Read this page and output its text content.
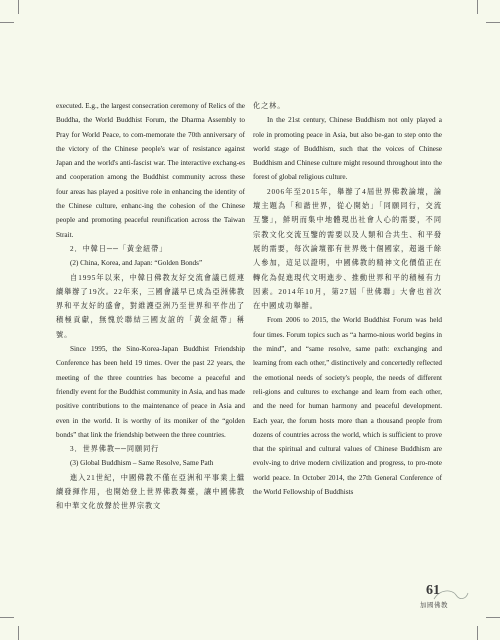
executed. E.g., the largest consecration ceremony of Relics of the Buddha, the World Buddhist Forum, the Dharma Assembly to Pray for World Peace, to com-memorate the 70th anniversary of the victory of the Chinese people's war of resistance against Japan and the world's anti-fascist war. The interactive exchang-es and cooperation among the Buddhist community across these four areas has played a positive role in enhancing the identity of the Chinese culture, enhanc-ing the cohesion of the Chinese people and promoting peaceful reunification across the Taiwan Strait.

2．中韓日──「黃金紐帶」

(2) China, Korea, and Japan: “Golden Bonds”

自1995年以來，中韓日佛教友好交流會議已經連續舉辦了19次。22年來，三國會議早已成為亞洲佛教界和平友好的盛會，對維護亞洲乃至世界和平作出了積極貢獻，無愧於聯結三國友誼的「黃金紐帶」稱號。

Since 1995, the Sino-Korea-Japan Buddhist Friendship Conference has been held 19 times. Over the past 22 years, the meeting of the three countries has become a peaceful and friendly event for the Buddhist community in Asia, and has made positive contributions to the maintenance of peace in Asia and even in the world. It is worthy of its moniker of the “golden bonds” that link the friendship between the three countries.

3．世界佛教──同願同行

(3) Global Buddhism – Same Resolve, Same Path

進入21世紀，中國佛教不僅在亞洲和平事業上繼續發揮作用，也開始登上世界佛教舞臺，讓中國佛教和中華文化放聲於世界宗教文

化之林。

In the 21st century, Chinese Buddhism not only played a role in promoting peace in Asia, but also be-gan to step onto the world stage of Buddhism, such that the voices of Chinese Buddhism and Chinese culture might resound throughout into the forest of global religious culture.

2006年至2015年，舉辦了4屆世界佛教論壇，論壇主題為「和諧世界，從心開始」「同願同行，交流互鑒」，鮮明而集中地體現出社會人心的需要，不同宗教文化交流互鑒的需要以及人類和合共生、和平發展的需要，每次論壇都有世界幾十個國家，超過千餘人參加，這足以證明，中國佛教的精神文化價值正在轉化為促進現代文明進步、推動世界和平的積極有力因素。2014年10月，第27屆「世佛聯」大會也首次在中國成功舉辦。

From 2006 to 2015, the World Buddhist Forum was held four times. Forum topics such as “a harmo-nious world begins in the mind”, and “same resolve, same path: exchanging and learning from each other,” distinctively and concertedly reflected the emotional needs of society's people, the needs of different reli-gions and cultures to exchange and learn from each other, and the need for human harmony and peaceful development. Each year, the forum hosts more than a thousand people from dozens of countries across the world, which is sufficient to prove that the spiritual and cultural values of Chinese Buddhism are evolv-ing to drive modern civilization and progress, to pro-mote world peace. In October 2014, the 27th General Conference of the World Fellowship of Buddhists

61
加國佛教
